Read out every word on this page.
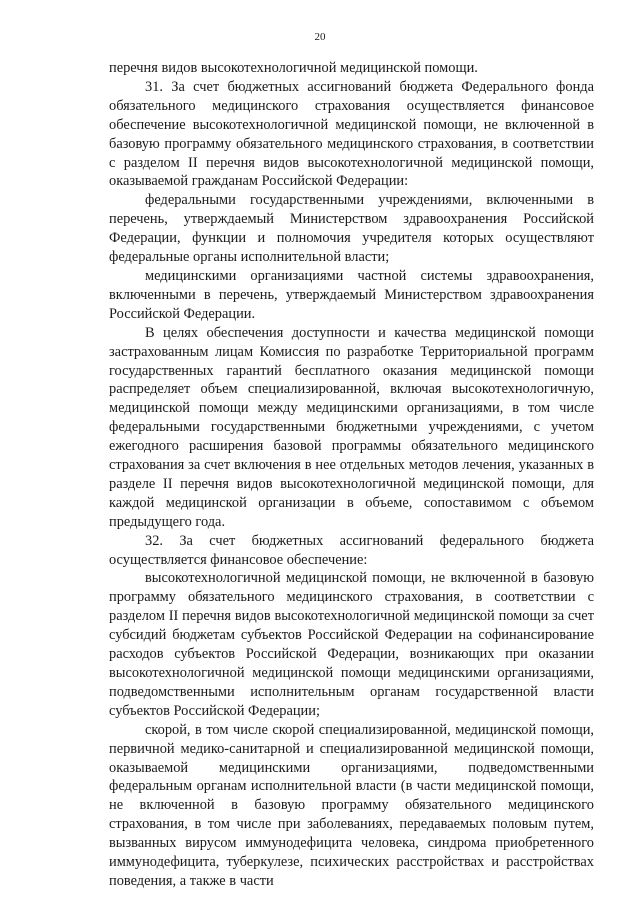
20

перечня видов высокотехнологичной медицинской помощи.

31. За счет бюджетных ассигнований бюджета Федерального фонда обязательного медицинского страхования осуществляется финансовое обеспечение высокотехнологичной медицинской помощи, не включенной в базовую программу обязательного медицинского страхования, в соответствии с разделом II перечня видов высокотехнологичной медицинской помощи, оказываемой гражданам Российской Федерации:

федеральными государственными учреждениями, включенными в перечень, утверждаемый Министерством здравоохранения Российской Федерации, функции и полномочия учредителя которых осуществляют федеральные органы исполнительной власти;

медицинскими организациями частной системы здравоохранения, включенными в перечень, утверждаемый Министерством здравоохранения Российской Федерации.

В целях обеспечения доступности и качества медицинской помощи застрахованным лицам Комиссия по разработке Территориальной программ государственных гарантий бесплатного оказания медицинской помощи распределяет объем специализированной, включая высокотехнологичную, медицинской помощи между медицинскими организациями, в том числе федеральными государственными бюджетными учреждениями, с учетом ежегодного расширения базовой программы обязательного медицинского страхования за счет включения в нее отдельных методов лечения, указанных в разделе II перечня видов высокотехнологичной медицинской помощи, для каждой медицинской организации в объеме, сопоставимом с объемом предыдущего года.

32. За счет бюджетных ассигнований федерального бюджета осуществляется финансовое обеспечение:

высокотехнологичной медицинской помощи, не включенной в базовую программу обязательного медицинского страхования, в соответствии с разделом II перечня видов высокотехнологичной медицинской помощи за счет субсидий бюджетам субъектов Российской Федерации на софинансирование расходов субъектов Российской Федерации, возникающих при оказании высокотехнологичной медицинской помощи медицинскими организациями, подведомственными исполнительным органам государственной власти субъектов Российской Федерации;

скорой, в том числе скорой специализированной, медицинской помощи, первичной медико-санитарной и специализированной медицинской помощи, оказываемой медицинскими организациями, подведомственными федеральным органам исполнительной власти (в части медицинской помощи, не включенной в базовую программу обязательного медицинского страхования, в том числе при заболеваниях, передаваемых половым путем, вызванных вирусом иммунодефицита человека, синдрома приобретенного иммунодефицита, туберкулезе, психических расстройствах и расстройствах поведения, а также в части
